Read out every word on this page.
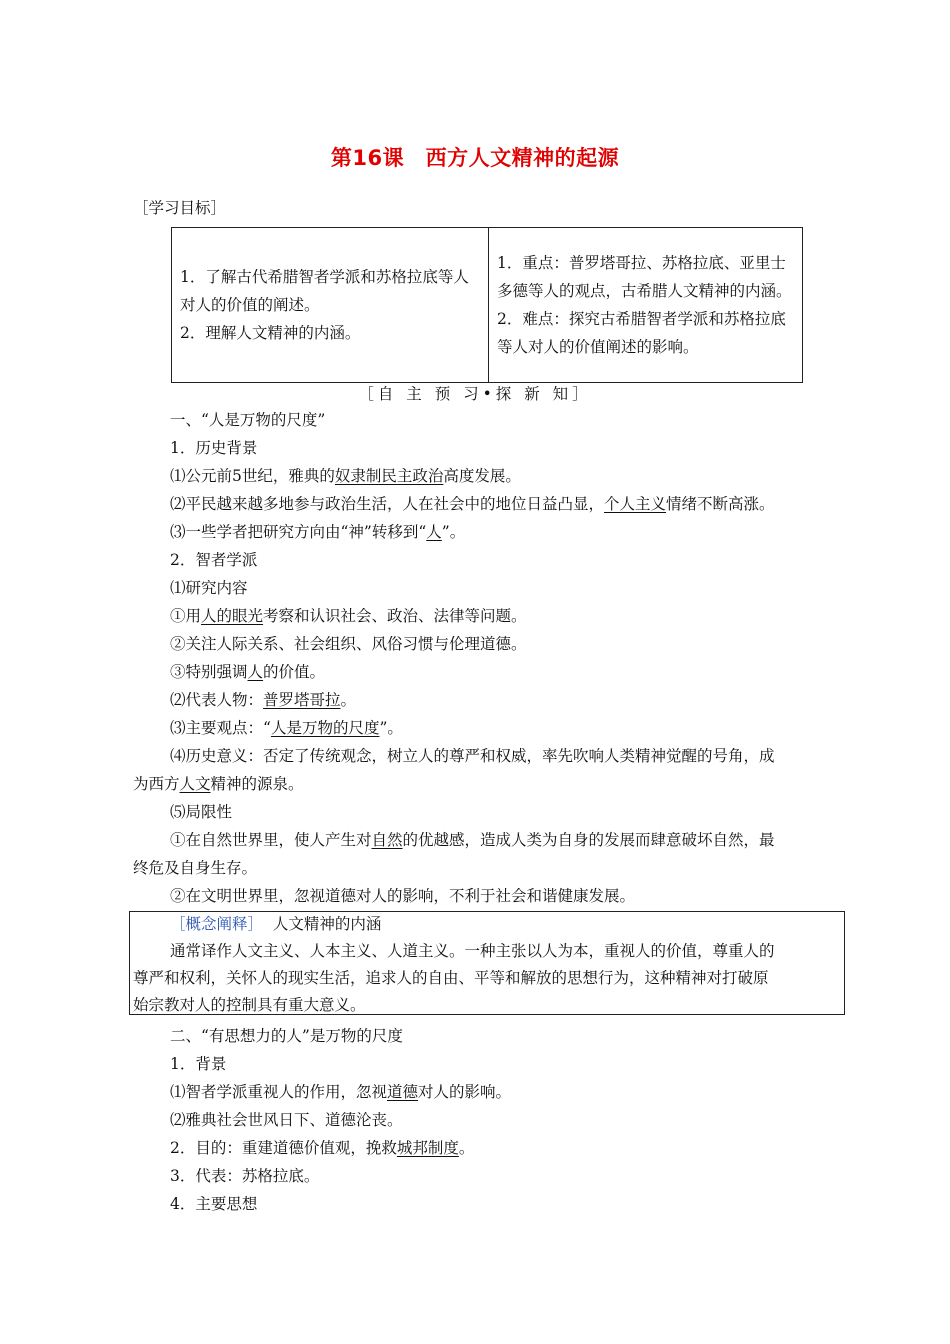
第16课　西方人文精神的起源
［学习目标］
1．了解古代希腊智者学派和苏格拉底等人对人的价值的阐述。
2．理解人文精神的内涵。

1．重点：普罗塔哥拉、苏格拉底、亚里士多德等人的观点，古希腊人文精神的内涵。
2．难点：探究古希腊智者学派和苏格拉底等人对人的价值阐述的影响。
［自 主 预 习•探 新 知］
一、“人是万物的尺度”
1．历史背景
⑴公元前5世纪，雅典的奴隶制民主政治高度发展。
⑵平民越来越多地参与政治生活，人在社会中的地位日益凸显，个人主义情绪不断高涨。
⑶一些学者把研究方向由“神”转移到“人”。
2．智者学派
⑴研究内容
①用人的眼光考察和认识社会、政治、法律等问题。
②关注人际关系、社会组织、风俗习惯与伦理道德。
③特别强调人的价值。
⑵代表人物：普罗塔哥拉。
⑶主要观点：“人是万物的尺度”。
⑷历史意义：否定了传统观念，树立人的尊严和权威，率先吹响人类精神觉醒的号角，成
为西方人文精神的源泉。
⑸局限性
①在自然世界里，使人产生对自然的优越感，造成人类为自身的发展而肆意破坏自然，最
终危及自身生存。
②在文明世界里，忽视道德对人的影响，不利于社会和谐健康发展。
［概念阐释］ 人文精神的内涵
通常译作人文主义、人本主义、人道主义。一种主张以人为本，重视人的价值，尊重人的
尊严和权利，关怀人的现实生活，追求人的自由、平等和解放的思想行为，这种精神对打破原
始宗教对人的控制具有重大意义。
二、“有思想力的人”是万物的尺度
1．背景
⑴智者学派重视人的作用，忽视道德对人的影响。
⑵雅典社会世风日下、道德沦丧。
2．目的：重建道德价值观，挽救城邦制度。
3．代表：苏格拉底。
4．主要思想
